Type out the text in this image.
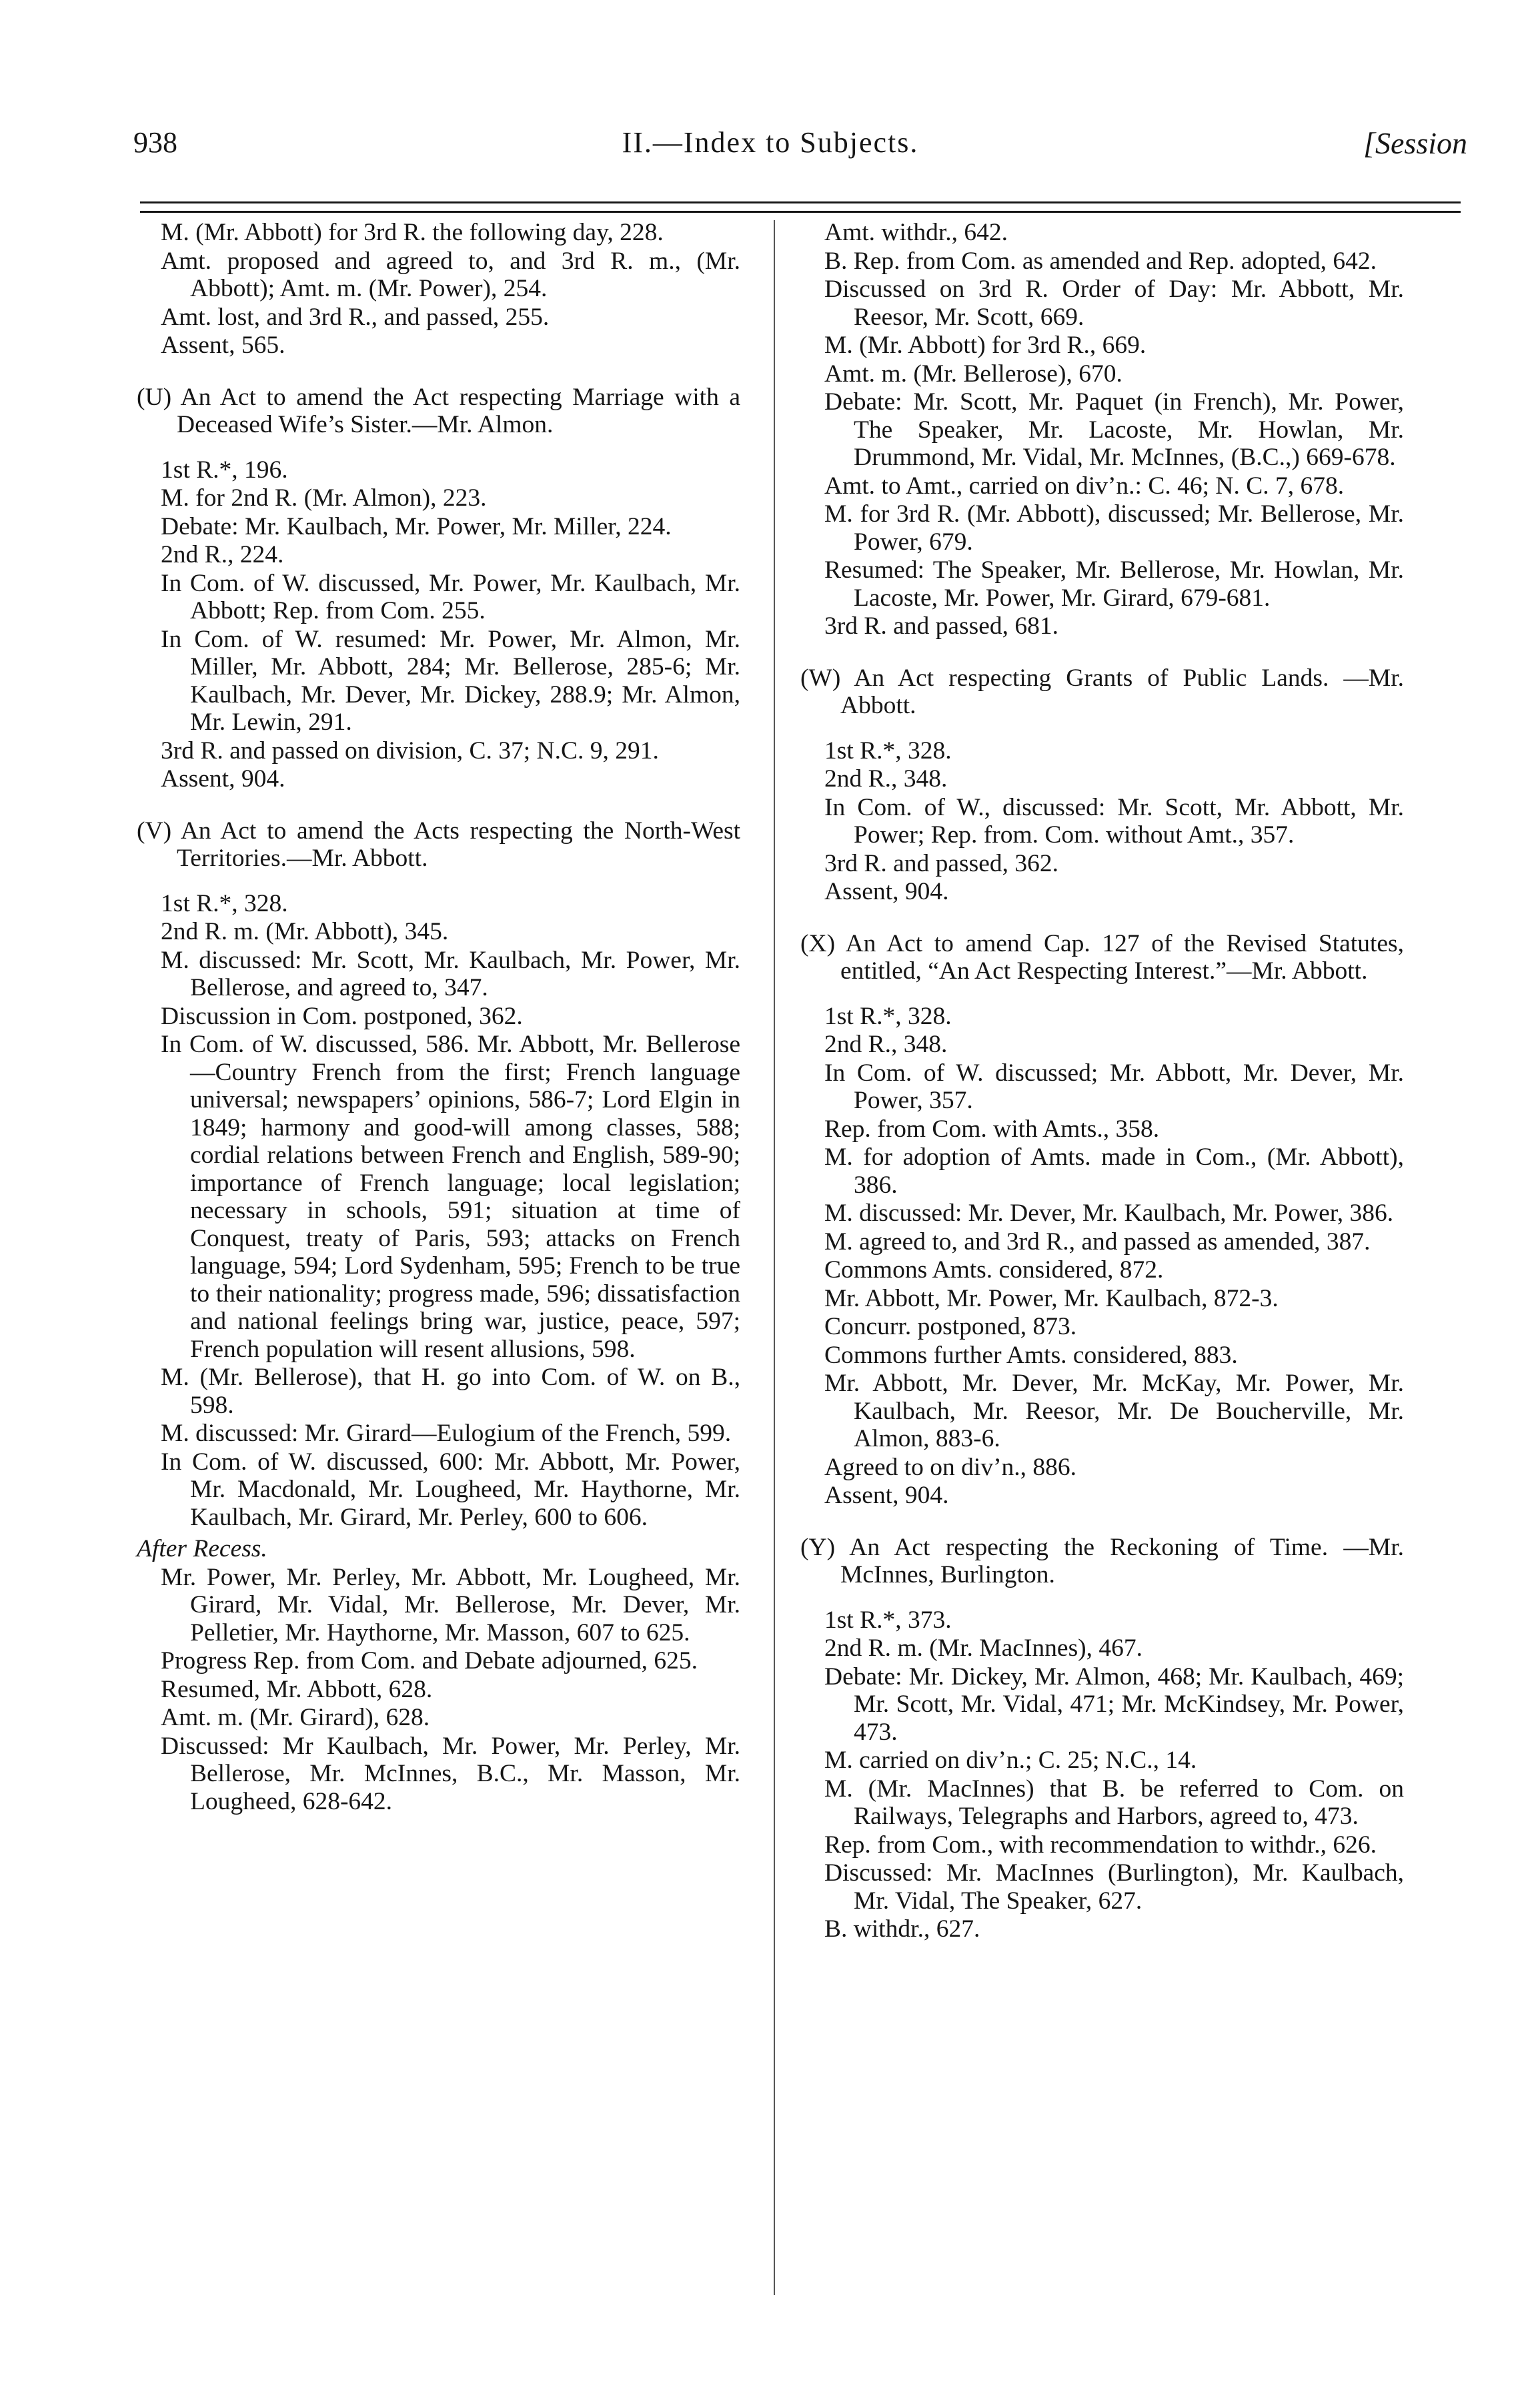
938	II.—Index to Subjects.	[Session

M. (Mr. Abbott) for 3rd R. the following day, 228.

Amt. proposed and agreed to, and 3rd R. m., (Mr. Abbott); Amt. m. (Mr. Power), 254.

Amt. lost, and 3rd R., and passed, 255.

Assent, 565.

(U) An Act to amend the Act respecting Marriage with a Deceased Wife’s Sister.—Mr. Almon.

1st R.*, 196.

M. for 2nd R. (Mr. Almon), 223.

Debate: Mr. Kaulbach, Mr. Power, Mr. Miller, 224.

2nd R., 224.

In Com. of W. discussed, Mr. Power, Mr. Kaulbach, Mr. Abbott; Rep. from Com. 255.

In Com. of W. resumed: Mr. Power, Mr. Almon, Mr. Miller, Mr. Abbott, 284; Mr. Bellerose, 285-6; Mr. Kaulbach, Mr. Dever, Mr. Dickey, 288.9; Mr. Almon, Mr. Lewin, 291.

3rd R. and passed on division, C. 37; N.C. 9, 291.

Assent, 904.

(V) An Act to amend the Acts respecting the North-West Territories.—Mr. Abbott.

1st R.*, 328.

2nd R. m. (Mr. Abbott), 345.

M. discussed: Mr. Scott, Mr. Kaulbach, Mr. Power, Mr. Bellerose, and agreed to, 347.

Discussion in Com. postponed, 362.

In Com. of W. discussed, 586. Mr. Abbott, Mr. Bellerose—Country French from the first; French language universal; newspapers’ opinions, 586-7; Lord Elgin in 1849; harmony and good-will among classes, 588; cordial relations between French and English, 589-90; importance of French language; local legislation; necessary in schools, 591; situation at time of Conquest, treaty of Paris, 593; attacks on French language, 594; Lord Sydenham, 595; French to be true to their nationality; progress made, 596; dissatisfaction and national feelings bring war, justice, peace, 597; French population will resent allusions, 598.

M. (Mr. Bellerose), that H. go into Com. of W. on B., 598.

M. discussed: Mr. Girard—Eulogium of the French, 599.

In Com. of W. discussed, 600: Mr. Abbott, Mr. Power, Mr. Macdonald, Mr. Lougheed, Mr. Haythorne, Mr. Kaulbach, Mr. Girard, Mr. Perley, 600 to 606.

After Recess.

Mr. Power, Mr. Perley, Mr. Abbott, Mr. Lougheed, Mr. Girard, Mr. Vidal, Mr. Bellerose, Mr. Dever, Mr. Pelletier, Mr. Haythorne, Mr. Masson, 607 to 625.

Progress Rep. from Com. and Debate adjourned, 625.

Resumed, Mr. Abbott, 628.

Amt. m. (Mr. Girard), 628.

Discussed: Mr Kaulbach, Mr. Power, Mr. Perley, Mr. Bellerose, Mr. McInnes, B.C., Mr. Masson, Mr. Lougheed, 628-642.

Amt. withdr., 642.

B. Rep. from Com. as amended and Rep. adopted, 642.

Discussed on 3rd R. Order of Day: Mr. Abbott, Mr. Reesor, Mr. Scott, 669.

M. (Mr. Abbott) for 3rd R., 669.

Amt. m. (Mr. Bellerose), 670.

Debate: Mr. Scott, Mr. Paquet (in French), Mr. Power, The Speaker, Mr. Lacoste, Mr. Howlan, Mr. Drummond, Mr. Vidal, Mr. McInnes, (B.C.,) 669-678.

Amt. to Amt., carried on div’n.: C. 46; N. C. 7, 678.

M. for 3rd R. (Mr. Abbott), discussed; Mr. Bellerose, Mr. Power, 679.

Resumed: The Speaker, Mr. Bellerose, Mr. Howlan, Mr. Lacoste, Mr. Power, Mr. Girard, 679-681.

3rd R. and passed, 681.

(W) An Act respecting Grants of Public Lands. —Mr. Abbott.

1st R.*, 328.

2nd R., 348.

In Com. of W., discussed: Mr. Scott, Mr. Abbott, Mr. Power; Rep. from. Com. without Amt., 357.

3rd R. and passed, 362.

Assent, 904.

(X) An Act to amend Cap. 127 of the Revised Statutes, entitled, “An Act Respecting Interest.”—Mr. Abbott.

1st R.*, 328.

2nd R., 348.

In Com. of W. discussed; Mr. Abbott, Mr. Dever, Mr. Power, 357.

Rep. from Com. with Amts., 358.

M. for adoption of Amts. made in Com., (Mr. Abbott), 386.

M. discussed: Mr. Dever, Mr. Kaulbach, Mr. Power, 386.

M. agreed to, and 3rd R., and passed as amended, 387.

Commons Amts. considered, 872.

Mr. Abbott, Mr. Power, Mr. Kaulbach, 872-3.

Concurr. postponed, 873.

Commons further Amts. considered, 883.

Mr. Abbott, Mr. Dever, Mr. McKay, Mr. Power, Mr. Kaulbach, Mr. Reesor, Mr. De Boucherville, Mr. Almon, 883-6.

Agreed to on div’n., 886.

Assent, 904.

(Y) An Act respecting the Reckoning of Time. —Mr. McInnes, Burlington.

1st R.*, 373.

2nd R. m. (Mr. MacInnes), 467.

Debate: Mr. Dickey, Mr. Almon, 468; Mr. Kaulbach, 469; Mr. Scott, Mr. Vidal, 471; Mr. McKindsey, Mr. Power, 473.

M. carried on div’n.; C. 25; N.C., 14.

M. (Mr. MacInnes) that B. be referred to Com. on Railways, Telegraphs and Harbors, agreed to, 473.

Rep. from Com., with recommendation to withdr., 626.

Discussed: Mr. MacInnes (Burlington), Mr. Kaulbach, Mr. Vidal, The Speaker, 627.

B. withdr., 627.
